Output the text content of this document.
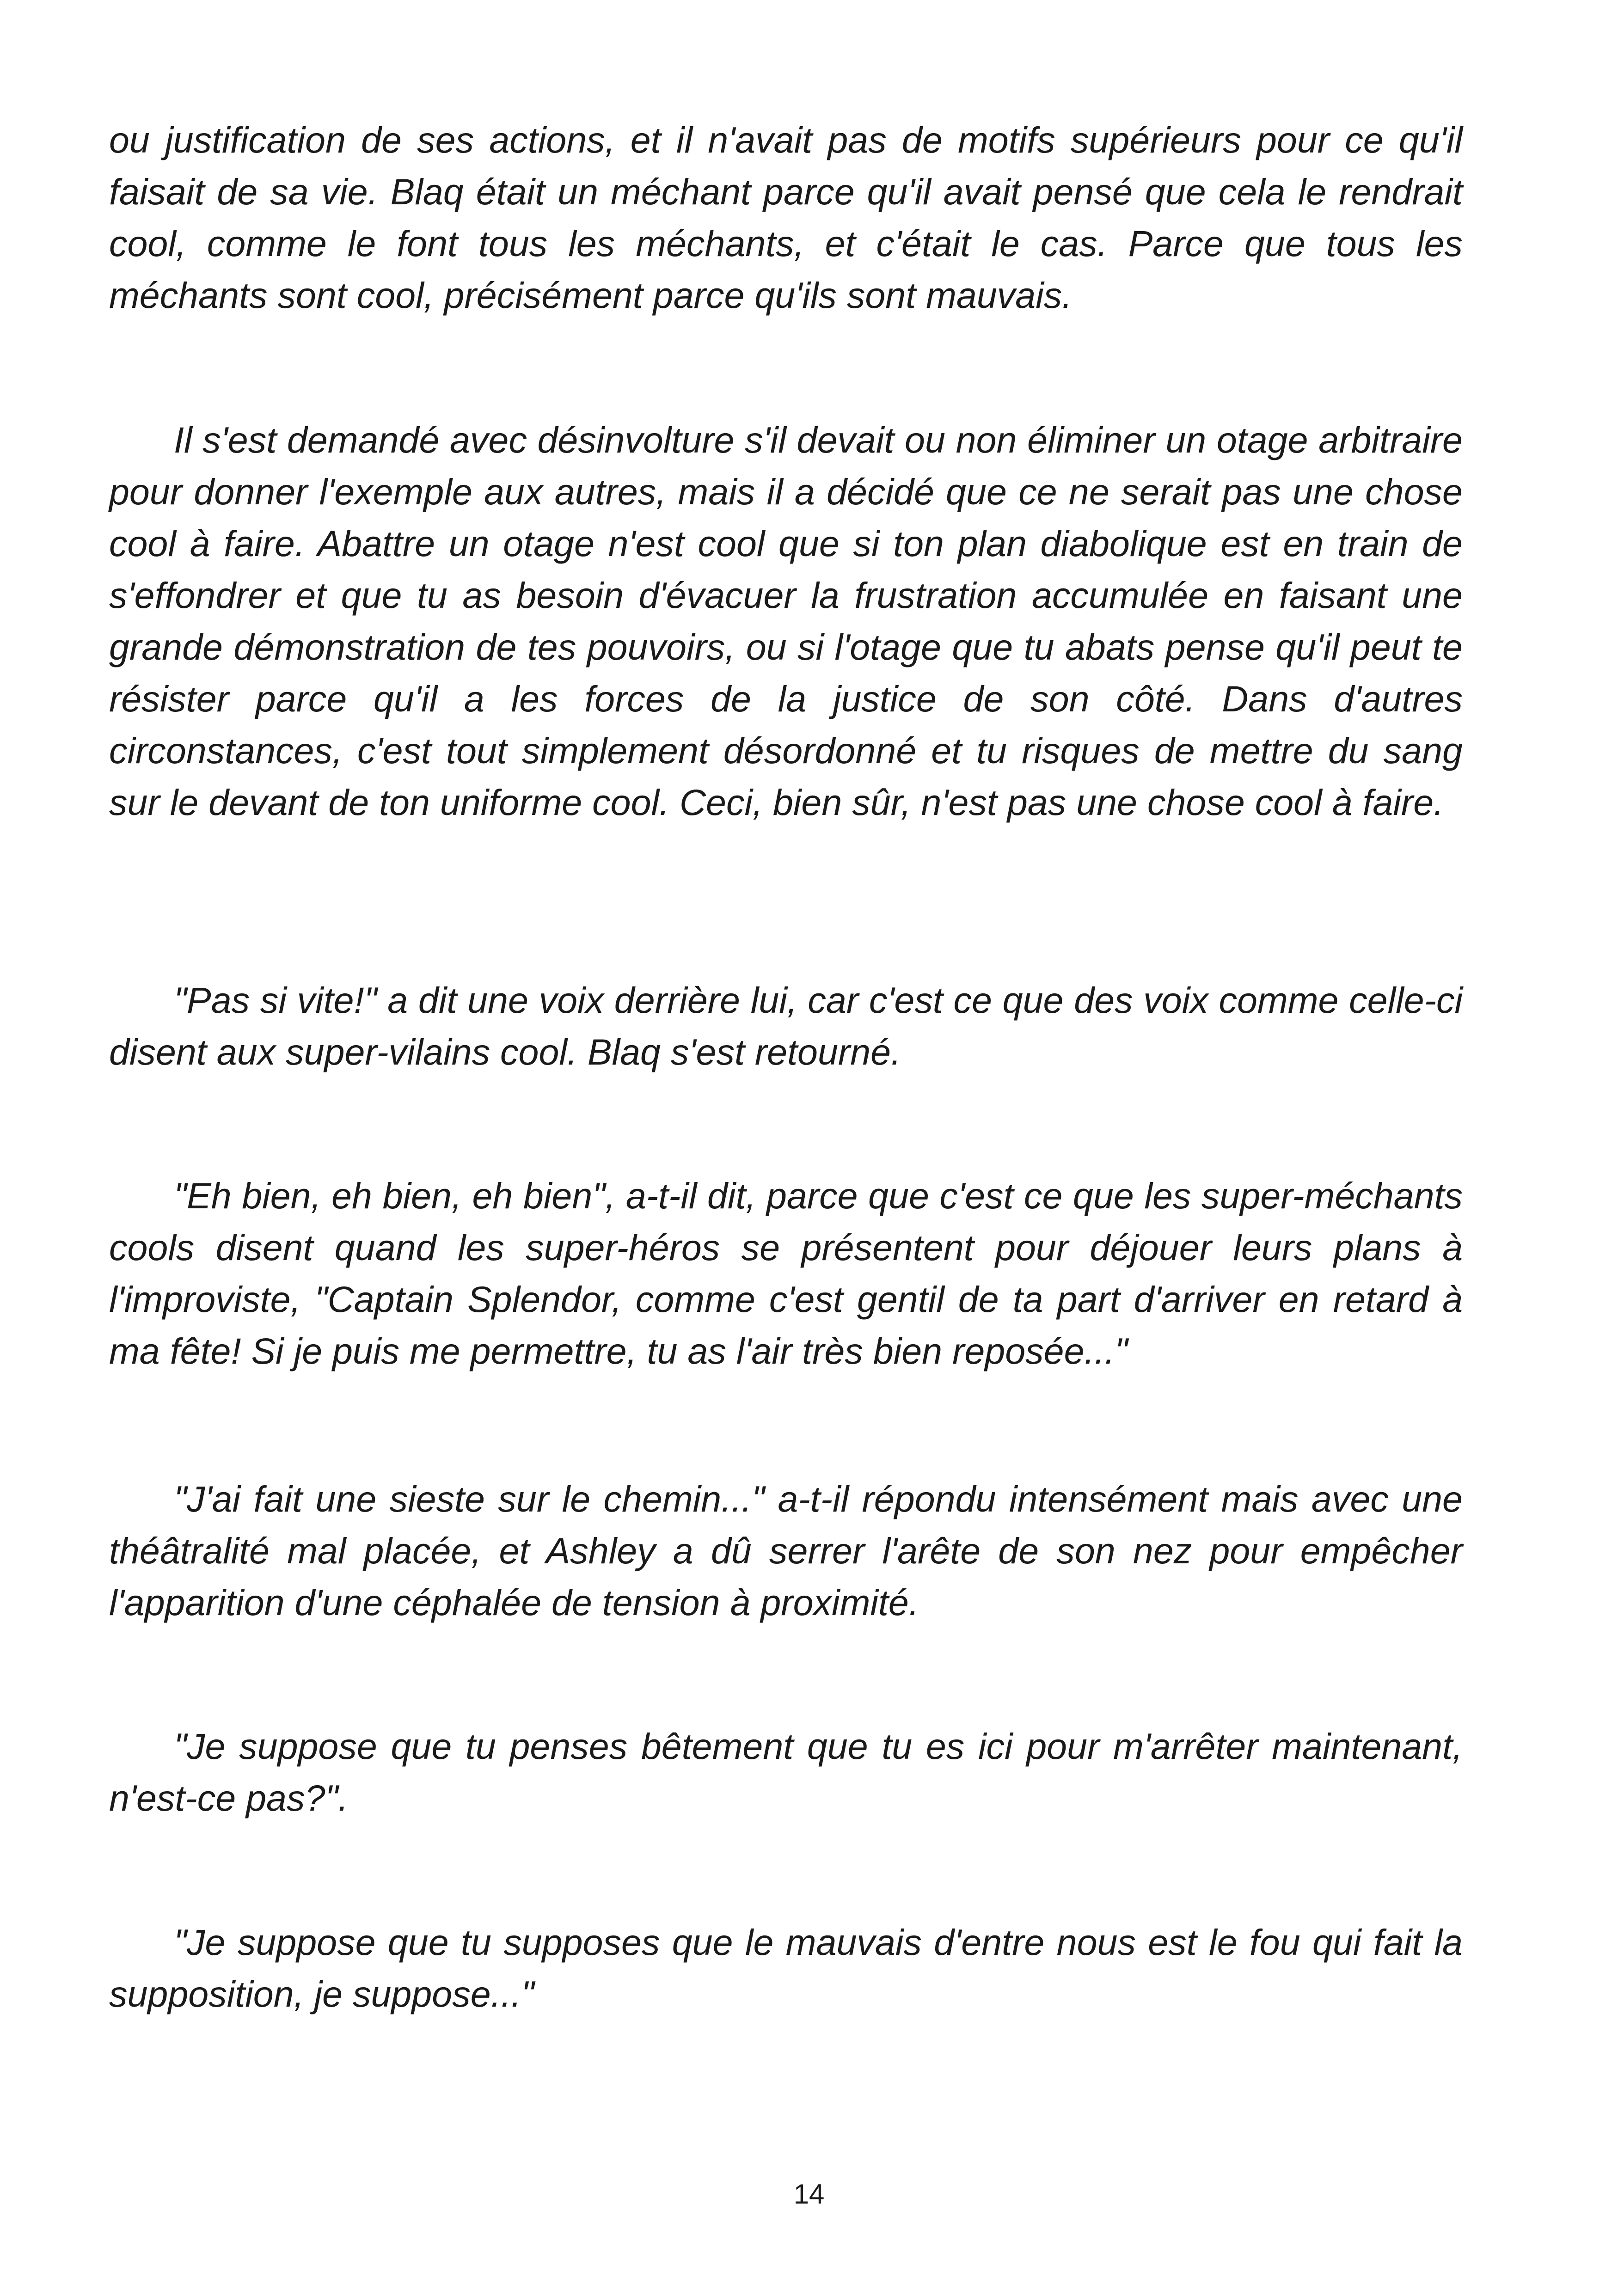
ou justification de ses actions, et il n'avait pas de motifs supérieurs pour ce qu'il faisait de sa vie. Blaq était un méchant parce qu'il avait pensé que cela le rendrait cool, comme le font tous les méchants, et c'était le cas. Parce que tous les méchants sont cool, précisément parce qu'ils sont mauvais.

Il s'est demandé avec désinvolture s'il devait ou non éliminer un otage arbitraire pour donner l'exemple aux autres, mais il a décidé que ce ne serait pas une chose cool à faire. Abattre un otage n'est cool que si ton plan diabolique est en train de s'effondrer et que tu as besoin d'évacuer la frustration accumulée en faisant une grande démonstration de tes pouvoirs, ou si l'otage que tu abats pense qu'il peut te résister parce qu'il a les forces de la justice de son côté. Dans d'autres circonstances, c'est tout simplement désordonné et tu risques de mettre du sang sur le devant de ton uniforme cool. Ceci, bien sûr, n'est pas une chose cool à faire.

"Pas si vite!" a dit une voix derrière lui, car c'est ce que des voix comme celle-ci disent aux super-vilains cool. Blaq s'est retourné.

"Eh bien, eh bien, eh bien", a-t-il dit, parce que c'est ce que les super-méchants cools disent quand les super-héros se présentent pour déjouer leurs plans à l'improviste, "Captain Splendor, comme c'est gentil de ta part d'arriver en retard à ma fête! Si je puis me permettre, tu as l'air très bien reposée..."

"J'ai fait une sieste sur le chemin..." a-t-il répondu intensément mais avec une théâtralité mal placée, et Ashley a dû serrer l'arête de son nez pour empêcher l'apparition d'une céphalée de tension à proximité.

"Je suppose que tu penses bêtement que tu es ici pour m'arrêter maintenant, n'est-ce pas?".

"Je suppose que tu supposes que le mauvais d'entre nous est le fou qui fait la supposition, je suppose..."

14
